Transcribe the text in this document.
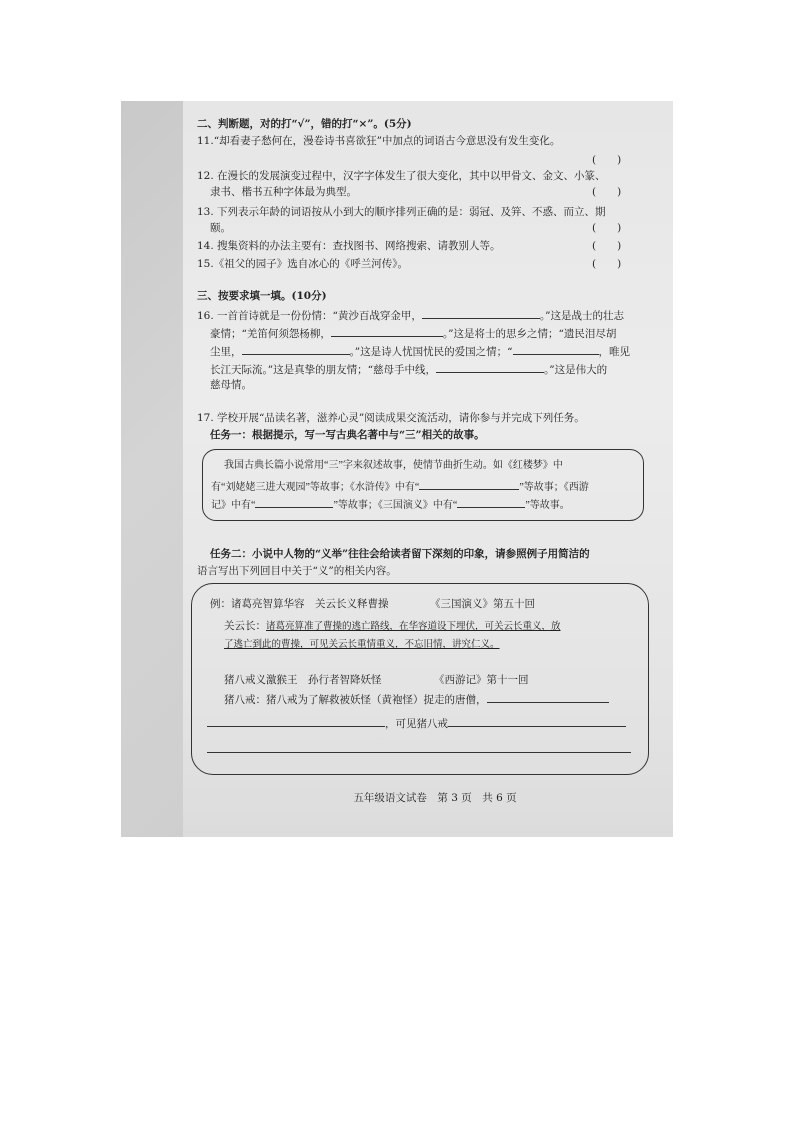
二、判断题，对的打“√”，错的打“×”。(5分)
11.“却看妻子愁何在，漫卷诗书喜欲狂”中加点的词语古今意思没有发生变化。
(　　)
12. 在漫长的发展演变过程中，汉字字体发生了很大变化，其中以甲骨文、金文、小篆、
隶书、楷书五种字体最为典型。	(　　)
13. 下列表示年龄的词语按从小到大的顺序排列正确的是：弱冠、及笄、不惑、而立、期
颐。	(　　)
14. 搜集资料的办法主要有：查找图书、网络搜索、请教别人等。	(　　)
15.《祖父的园子》选自冰心的《呼兰河传》。	(　　)
三、按要求填一填。(10分)
16. 一首首诗就是一份份情：“黄沙百战穿金甲，	。”这是战士的壮志
豪情；“羌笛何须怨杨柳，	。”这是将士的思乡之情；“遗民泪尽胡
尘里，	。”这是诗人忧国忧民的爱国之情；“	，唯见
长江天际流。”这是真挚的朋友情；“慈母手中线，	。”这是伟大的
慈母情。
17. 学校开展“品读名著，滋养心灵”阅读成果交流活动，请你参与并完成下列任务。
任务一：根据提示，写一写古典名著中与“三”相关的故事。
我国古典长篇小说常用“三”字来叙述故事，使情节曲折生动。如《红楼梦》中
有“刘姥姥三进大观园”等故事；《水浒传》中有“	”等故事；《西游
记》中有“	”等故事；《三国演义》中有“	”等故事。
任务二：小说中人物的“义举”往往会给读者留下深刻的印象，请参照例子用简洁的
语言写出下列回目中关于“义”的相关内容。
例：诸葛亮智算华容　关云长义释曹操	《三国演义》第五十回
关云长：诸葛亮算准了曹操的逃亡路线，在华容道设下埋伏，可关云长重义，放
了逃亡到此的曹操，可见关云长重情重义，不忘旧情，讲究仁义。
猪八戒义激猴王　孙行者智降妖怪	《西游记》第十一回
猪八戒：猪八戒为了解救被妖怪（黄袍怪）捉走的唐僧，
，可见猪八戒
五年级语文试卷　第 3 页　共 6 页
